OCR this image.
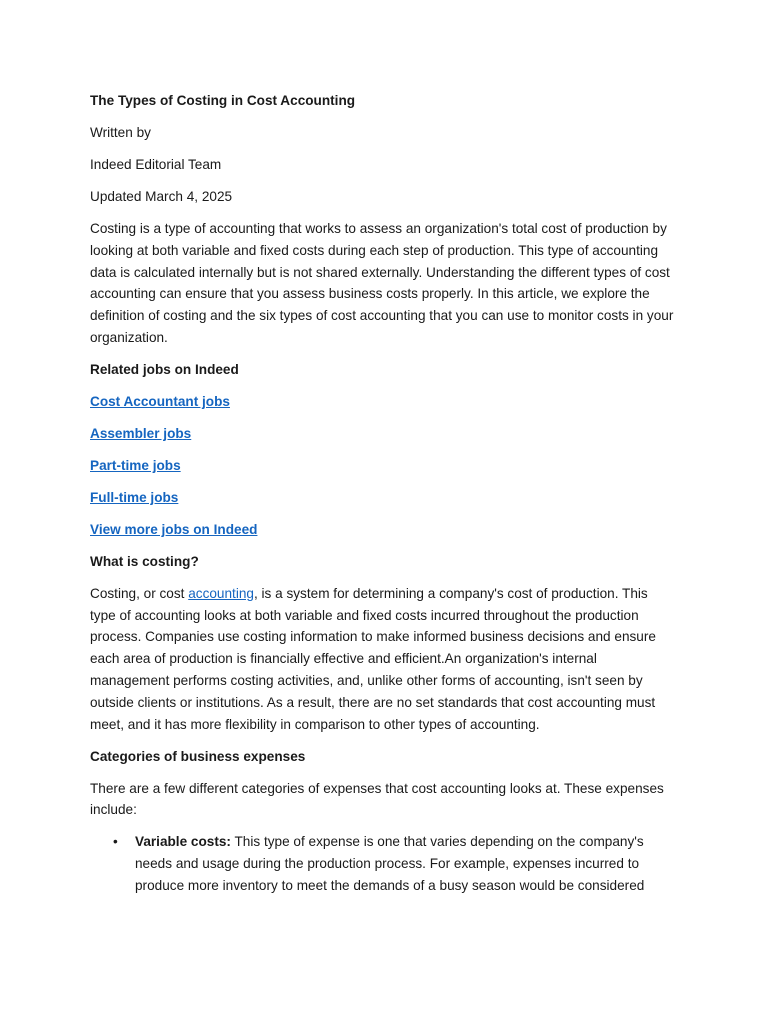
The Types of Costing in Cost Accounting

Written by

Indeed Editorial Team

Updated March 4, 2025

Costing is a type of accounting that works to assess an organization's total cost of production by looking at both variable and fixed costs during each step of production. This type of accounting data is calculated internally but is not shared externally. Understanding the different types of cost accounting can ensure that you assess business costs properly. In this article, we explore the definition of costing and the six types of cost accounting that you can use to monitor costs in your organization.

Related jobs on Indeed

Cost Accountant jobs

Assembler jobs

Part-time jobs

Full-time jobs

View more jobs on Indeed

What is costing?

Costing, or cost accounting, is a system for determining a company's cost of production. This type of accounting looks at both variable and fixed costs incurred throughout the production process. Companies use costing information to make informed business decisions and ensure each area of production is financially effective and efficient.An organization's internal management performs costing activities, and, unlike other forms of accounting, isn't seen by outside clients or institutions. As a result, there are no set standards that cost accounting must meet, and it has more flexibility in comparison to other types of accounting.

Categories of business expenses

There are a few different categories of expenses that cost accounting looks at. These expenses include:

• Variable costs: This type of expense is one that varies depending on the company's needs and usage during the production process. For example, expenses incurred to produce more inventory to meet the demands of a busy season would be considered
